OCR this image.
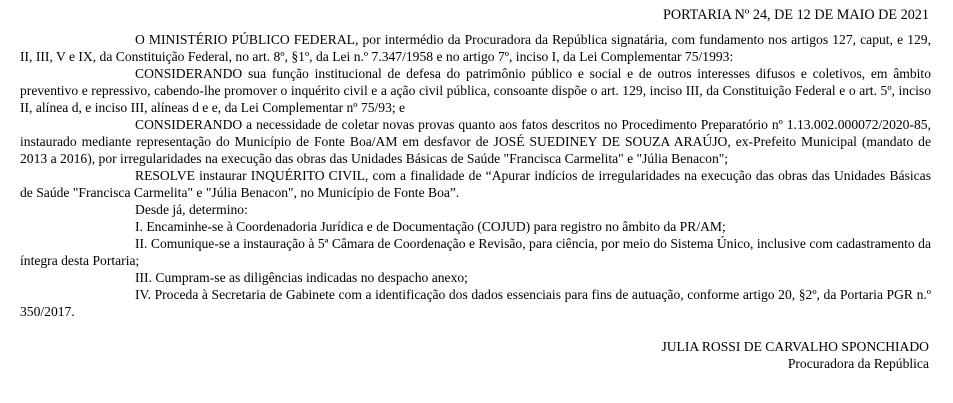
PORTARIA Nº 24, DE 12 DE MAIO DE 2021

O MINISTÉRIO PÚBLICO FEDERAL, por intermédio da Procuradora da República signatária, com fundamento nos artigos 127, caput, e 129, II, III, V e IX, da Constituição Federal, no art. 8º, §1º, da Lei n.º 7.347/1958 e no artigo 7º, inciso I, da Lei Complementar 75/1993:

CONSIDERANDO sua função institucional de defesa do patrimônio público e social e de outros interesses difusos e coletivos, em âmbito preventivo e repressivo, cabendo-lhe promover o inquérito civil e a ação civil pública, consoante dispõe o art. 129, inciso III, da Constituição Federal e o art. 5º, inciso II, alínea d, e inciso III, alíneas d e e, da Lei Complementar nº 75/93; e

CONSIDERANDO a necessidade de coletar novas provas quanto aos fatos descritos no Procedimento Preparatório nº 1.13.002.000072/2020-85, instaurado mediante representação do Município de Fonte Boa/AM em desfavor de JOSÉ SUEDINEY DE SOUZA ARAÚJO, ex-Prefeito Municipal (mandato de 2013 a 2016), por irregularidades na execução das obras das Unidades Básicas de Saúde "Francisca Carmelita" e "Júlia Benacon";

RESOLVE instaurar INQUÉRITO CIVIL, com a finalidade de “Apurar indícios de irregularidades na execução das obras das Unidades Básicas de Saúde "Francisca Carmelita" e "Júlia Benacon", no Município de Fonte Boa”.

Desde já, determino:

I. Encaminhe-se à Coordenadoria Jurídica e de Documentação (COJUD) para registro no âmbito da PR/AM;

II. Comunique-se a instauração à 5ª Câmara de Coordenação e Revisão, para ciência, por meio do Sistema Único, inclusive com cadastramento da íntegra desta Portaria;

III. Cumpram-se as diligências indicadas no despacho anexo;

IV. Proceda à Secretaria de Gabinete com a identificação dos dados essenciais para fins de autuação, conforme artigo 20, §2º, da Portaria PGR n.º 350/2017.

JULIA ROSSI DE CARVALHO SPONCHIADO
Procuradora da República
